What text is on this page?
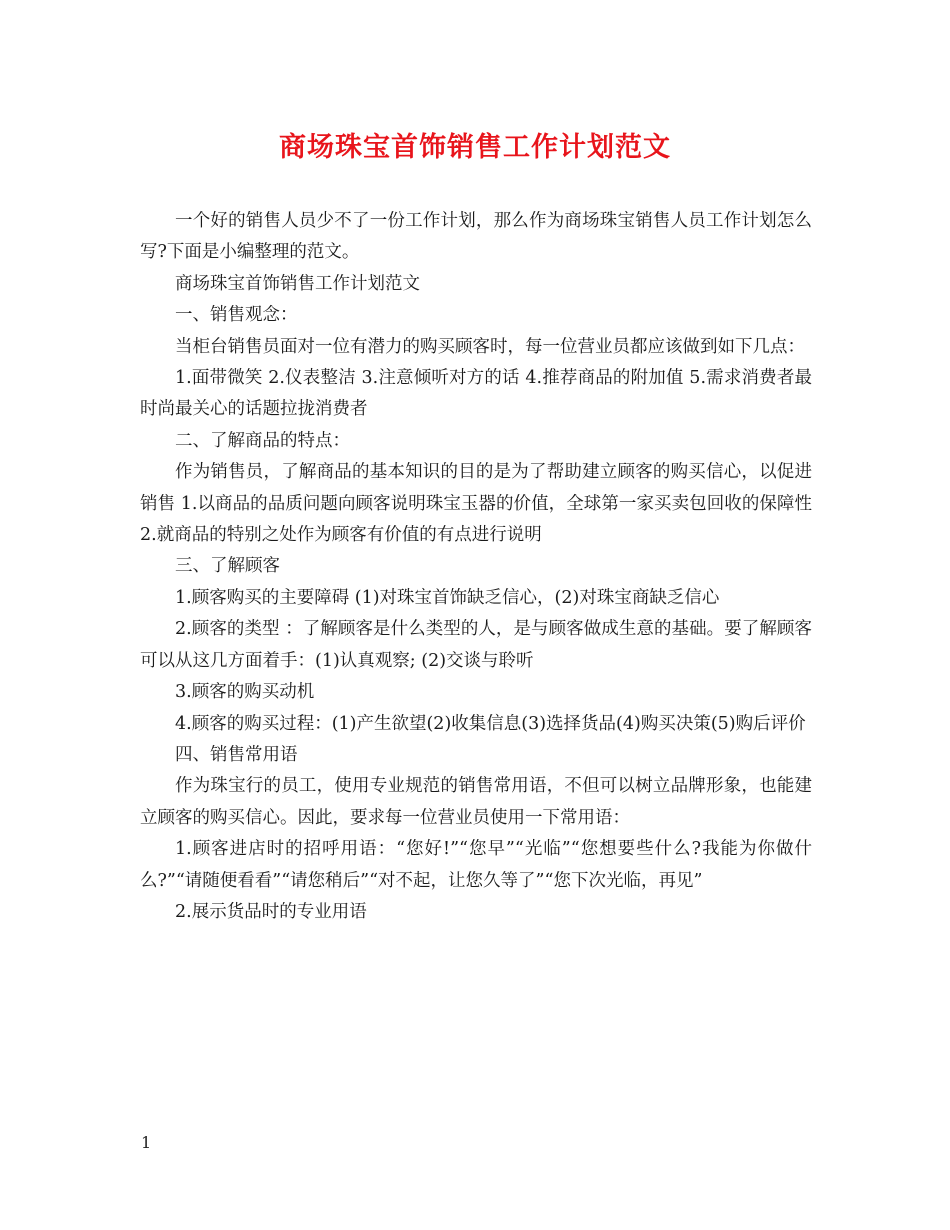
商场珠宝首饰销售工作计划范文

一个好的销售人员少不了一份工作计划，那么作为商场珠宝销售人员工作计划怎么写?下面是小编整理的范文。

商场珠宝首饰销售工作计划范文

一、销售观念：

当柜台销售员面对一位有潜力的购买顾客时，每一位营业员都应该做到如下几点：

1.面带微笑 2.仪表整洁 3.注意倾听对方的话 4.推荐商品的附加值 5.需求消费者最时尚最关心的话题拉拢消费者

二、了解商品的特点：

作为销售员，了解商品的基本知识的目的是为了帮助建立顾客的购买信心，以促进销售 1.以商品的品质问题向顾客说明珠宝玉器的价值，全球第一家买卖包回收的保障性 2.就商品的特别之处作为顾客有价值的有点进行说明

三、了解顾客

1.顾客购买的主要障碍 (1)对珠宝首饰缺乏信心，(2)对珠宝商缺乏信心

2.顾客的类型 ：了解顾客是什么类型的人，是与顾客做成生意的基础。要了解顾客可以从这几方面着手：(1)认真观察; (2)交谈与聆听

3.顾客的购买动机

4.顾客的购买过程：(1)产生欲望(2)收集信息(3)选择货品(4)购买决策(5)购后评价

四、销售常用语

作为珠宝行的员工，使用专业规范的销售常用语，不但可以树立品牌形象，也能建立顾客的购买信心。因此，要求每一位营业员使用一下常用语：

1.顾客进店时的招呼用语：“您好!”“您早”“光临”“您想要些什么?我能为你做什么?”“请随便看看”“请您稍后”“对不起，让您久等了”“您下次光临，再见”

2.展示货品时的专业用语

1
